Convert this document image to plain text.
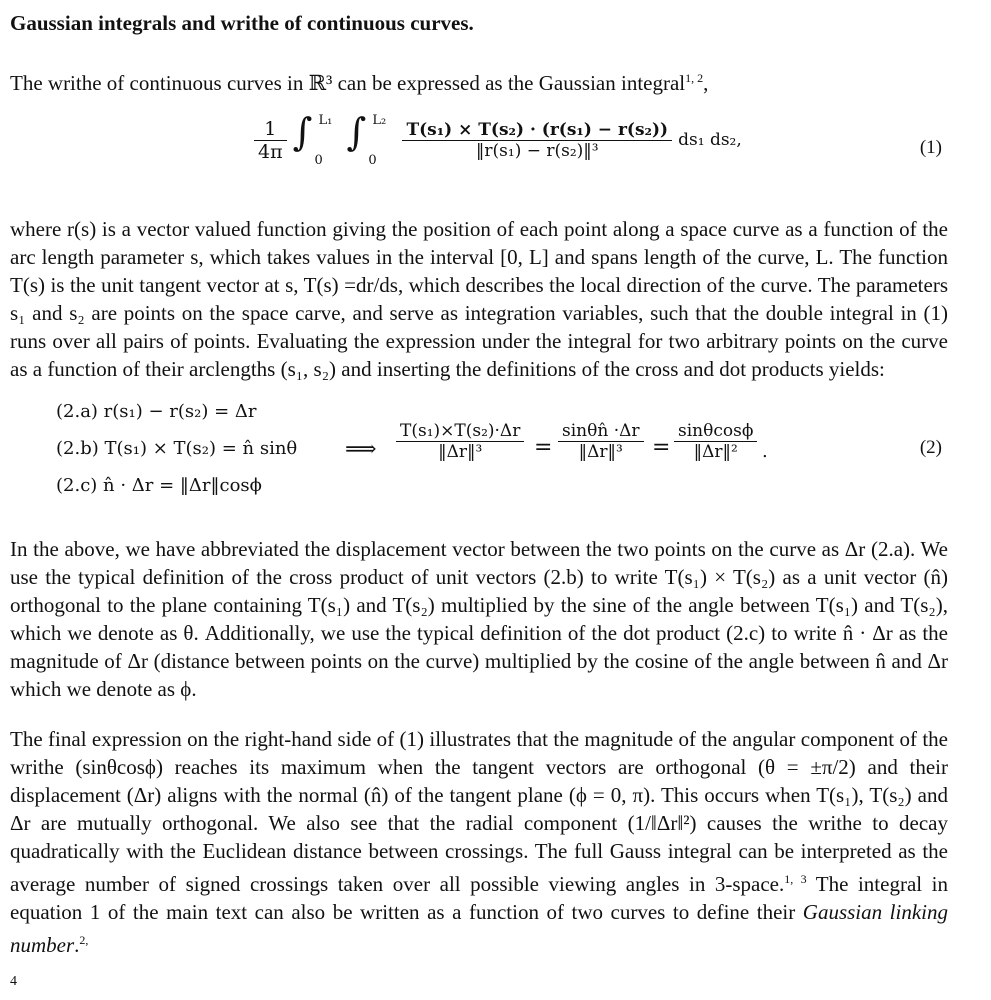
Gaussian integrals and writhe of continuous curves.

The writhe of continuous curves in ℝ³ can be expressed as the Gaussian integral$^{1, 2}$,

$\frac{1}{4\pi}$ ∫ L₁
0
∫ L₂
0
$\frac{\text{T(s₁) × T(s₂) · (r(s₁) − r(s₂))}}{\text{‖r(s₁) − r(s₂)‖³}} ds_1$ ds₂,	(1)

where r(s) is a vector valued function giving the position of each point along a space curve as a function of the arc length parameter s, which takes values in the interval [0, L] and spans length of the curve, L. The function T(s) is the unit tangent vector at s, T(s) =dr/ds, which describes the local direction of the curve. The parameters s₁ and s₂ are points on the space carve, and serve as integration variables, such that the double integral in (1) runs over all pairs of points. Evaluating the expression under the integral for two arbitrary points on the curve as a function of their arclengths (s₁, s₂) and inserting the definitions of the cross and dot products yields:

(2.a) r(s₁) − r(s₂) = Δr
(2.b) T(s₁) × T(s₂) = n̂ sinθ
(2.c) n̂ · Δr = ‖Δr‖cosϕ
⟹ $\frac{\text{T(s₁)×T(s₂)·Δr}}{\text{‖Δr‖³}} = \frac{\sin\theta n̂ \cdot\Delta r}{\text{‖Δr‖³}} = \frac{\sin\theta\cos\phi}{\text{‖Δr‖²}}$ .	(2)

In the above, we have abbreviated the displacement vector between the two points on the curve as Δr (2.a). We use the typical definition of the cross product of unit vectors (2.b) to write T(s₁) × T(s₂) as a unit vector (n̂) orthogonal to the plane containing T(s₁) and T(s₂) multiplied by the sine of the angle between T(s₁) and T(s₂), which we denote as θ. Additionally, we use the typical definition of the dot product (2.c) to write n̂ · Δr as the magnitude of Δr (distance between points on the curve) multiplied by the cosine of the angle between n̂ and Δr which we denote as ϕ.

The final expression on the right-hand side of (1) illustrates that the magnitude of the angular component of the writhe (sinθcosϕ) reaches its maximum when the tangent vectors are orthogonal (θ = ±π/2) and their displacement (Δr) aligns with the normal (n̂) of the tangent plane (ϕ = 0, π). This occurs when T(s₁), T(s₂) and Δr are mutually orthogonal. We also see that the radial component (1/‖Δr‖²) causes the writhe to decay quadratically with the Euclidean distance between crossings. The full Gauss integral can be interpreted as the average number of signed crossings taken over all possible viewing angles in 3-space.$^{1, 3}$ The integral in equation 1 of the main text can also be written as a function of two curves to define their Gaussian linking number.$^{2,}$

4
